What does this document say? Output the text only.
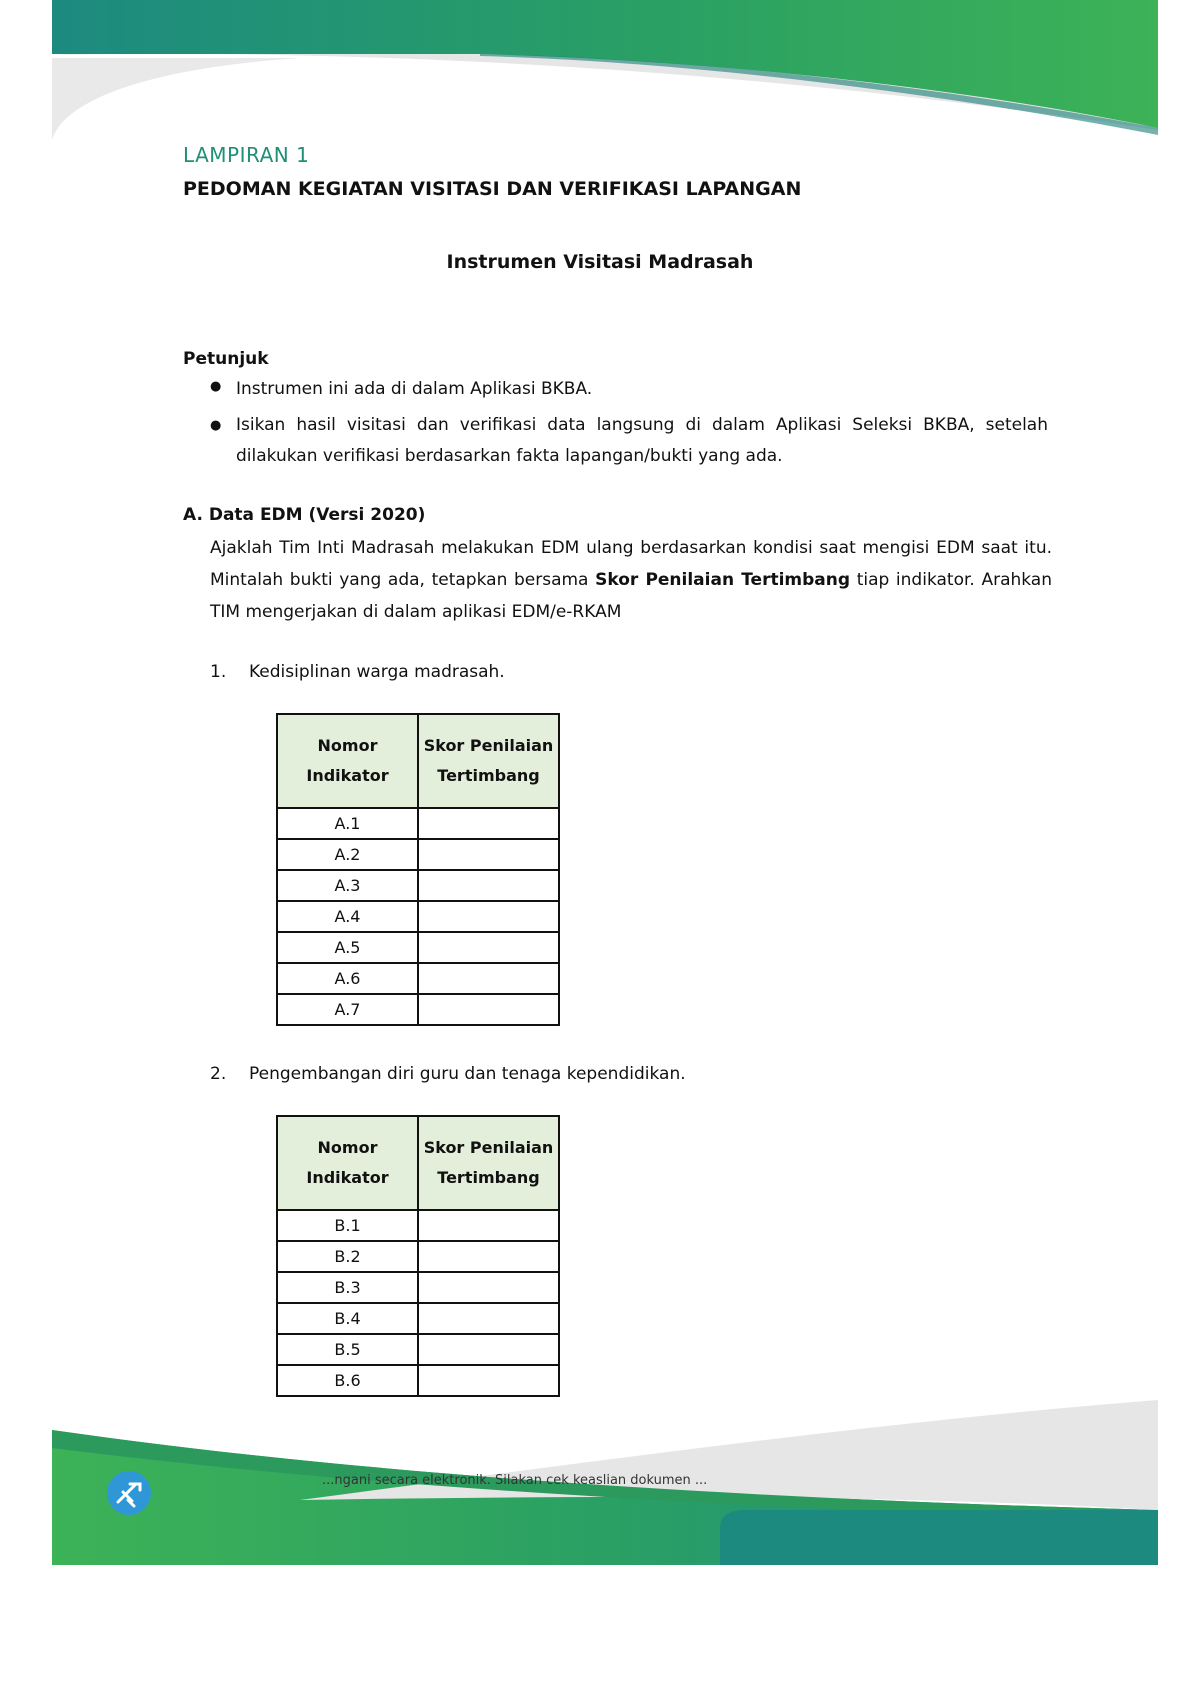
...ngani secara elektronik. Silakan cek keaslian dokumen ...
LAMPIRAN 1
PEDOMAN KEGIATAN VISITASI DAN VERIFIKASI LAPANGAN
Instrumen Visitasi Madrasah
Petunjuk
● Instrumen ini ada di dalam Aplikasi BKBA.
● Isikan hasil visitasi dan verifikasi data langsung di dalam Aplikasi Seleksi BKBA, setelah dilakukan verifikasi berdasarkan fakta lapangan/bukti yang ada.
A. Data EDM (Versi 2020)
Ajaklah Tim Inti Madrasah melakukan EDM ulang berdasarkan kondisi saat mengisi EDM saat itu. Mintalah bukti yang ada, tetapkan bersama Skor Penilaian Tertimbang tiap indikator. Arahkan TIM mengerjakan di dalam aplikasi EDM/e-RKAM
1. Kedisiplinan warga madrasah.
Nomor Indikator	Skor Penilaian Tertimbang
A.1	
A.2	
A.3	
A.4	
A.5	
A.6	
A.7	
2. Pengembangan diri guru dan tenaga kependidikan.
Nomor Indikator	Skor Penilaian Tertimbang
B.1	
B.2	
B.3	
B.4	
B.5	
B.6	
